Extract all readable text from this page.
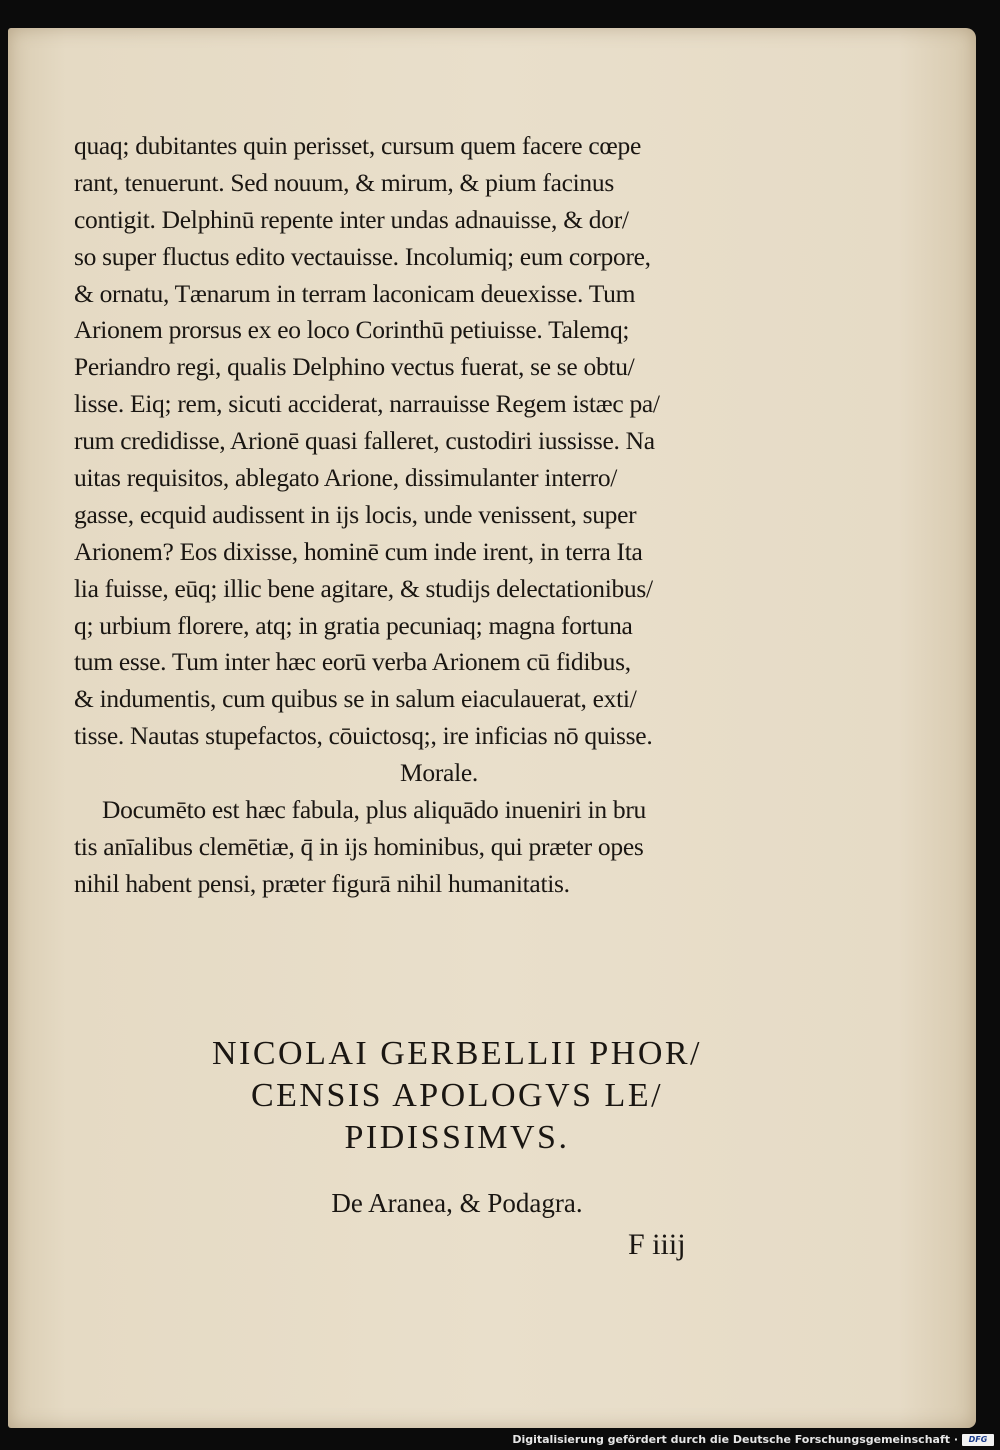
quaq; dubitantes quin perisset, cursum quem facere cœpe
rant, tenuerunt. Sed nouum, & mirum, & pium facinus
contigit. Delphinū repente inter undas adnauisse, & dor/
so super fluctus edito vectauisse. Incolumiq; eum corpore,
& ornatu, Tænarum in terram laconicam deuexisse. Tum
Arionem prorsus ex eo loco Corinthū petiuisse. Talemq;
Periandro regi, qualis Delphino vectus fuerat, se se obtu/
lisse. Eiq; rem, sicuti acciderat, narrauisse Regem istæc pa/
rum credidisse, Arionē quasi falleret, custodiri iussisse. Na
uitas requisitos, ablegato Arione, dissimulanter interro/
gasse, ecquid audissent in ijs locis, unde venissent, super
Arionem? Eos dixisse, hominē cum inde irent, in terra Ita
lia fuisse, eūq; illic bene agitare, & studijs delectationibus/
q; urbium florere, atq; in gratia pecuniaq; magna fortuna
tum esse. Tum inter hæc eorū verba Arionem cū fidibus,
& indumentis, cum quibus se in salum eiaculauerat, exti/
tisse. Nautas stupefactos, cōuictosq;, ire inficias nō quisse.
Morale.
Documēto est hæc fabula, plus aliquādo inueniri in bru
tis anīalibus clemētiæ, q̄ in ijs hominibus, qui præter opes
nihil habent pensi, præter figurā nihil humanitatis.
NICOLAI GERBELLII PHOR/
CENSIS APOLOGVS LE/
PIDISSIMVS.
De Aranea, & Podagra.
F iiij
Digitalisierung gefördert durch die Deutsche Forschungsgemeinschaft ·	DFG
